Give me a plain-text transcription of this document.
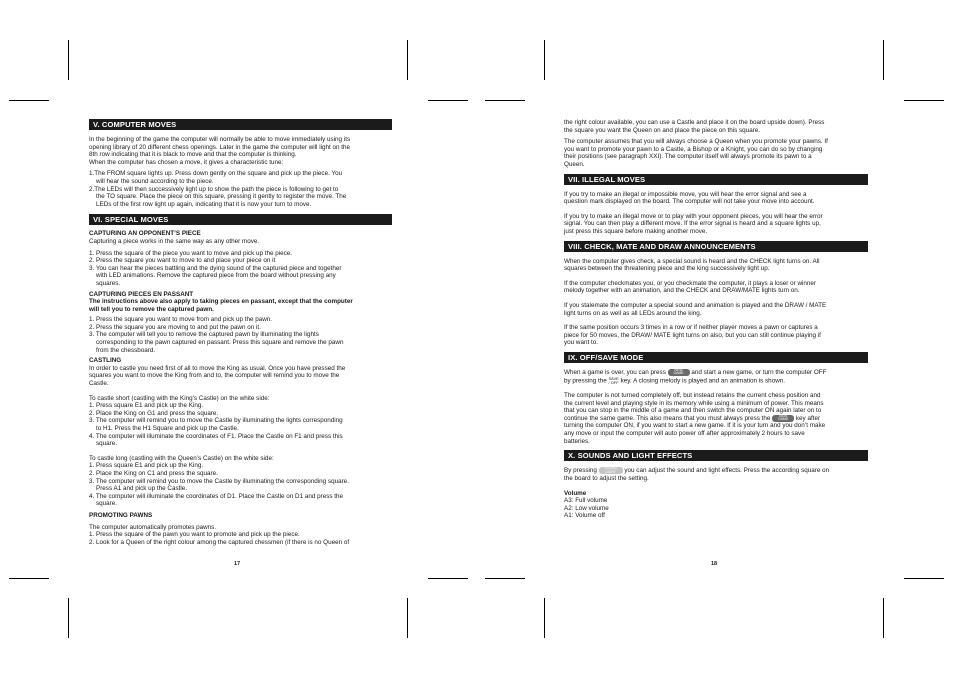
V. COMPUTER MOVES

In the beginning of the game the computer will normally be able to move immediately using its
opening library of 20 different chess openings. Later in the game the computer will light on the
8th row indicating that it is black to move and that the computer is thinking.
When the computer has chosen a move, it gives a characteristic tune:

1.The FROM square lights up. Press down gently on the square and pick up the piece. You
will hear the sound according to the piece.

2.The LEDs will then successively light up to show the path the piece is following to get to
the TO square. Place the piece on this square, pressing it gently to register the move. The
LEDs of the first row light up again, indicating that it is now your turn to move.

VI. SPECIAL MOVES

CAPTURING AN OPPONENT’S PIECE

Capturing a piece works in the same way as any other move.

1. Press the square of the piece you want to move and pick up the piece.

2. Press the square you want to move to and place your piece on it

3. You can hear the pieces battling and the dying sound of the captured piece and together
with LED animations. Remove the captured piece from the board without pressing any
squares.

CAPTURING PIECES EN PASSANT

The instructions above also apply to taking pieces en passant, except that the computer
will tell you to remove the captured pawn.

1. Press the square you want to move from and pick up the pawn.

2. Press the square you are moving to and put the pawn on it.

3. The computer will tell you to remove the captured pawn by illuminating the lights
corresponding to the pawn captured en passant. Press this square and remove the pawn
from the chessboard.

CASTLING

In order to castle you need first of all to move the King as usual. Once you have pressed the
squares you want to move the King from and to, the computer will remind you to move the
Castle.

To castle short (castling with the King’s Castle) on the white side:

1. Press square E1 and pick up the King.

2. Place the King on G1 and press the square.

3. The computer will remind you to move the Castle by illuminating the lights corresponding
to H1. Press the H1 Square and pick up the Castle.

4. The computer will illuminate the coordinates of F1. Place the Castle on F1 and press this
square.

To castle long (castling with the Queen’s Castle) on the white side:

1. Press square E1 and pick up the King.

2. Place the King on C1 and press the square.

3. The computer will remind you to move the Castle by illuminating the corresponding square.
Press A1 and pick up the Castle.

4. The computer will illuminate the coordinates of D1. Place the Castle on D1 and press the
square.

PROMOTING PAWNS

The computer automatically promotes pawns.

1. Press the square of the pawn you want to promote and pick up the piece.

2. Look for a Queen of the right colour among the captured chessmen (if there is no Queen of

17

the right colour available, you can use a Castle and place it on the board upside down). Press
the square you want the Queen on and place the piece on this square.

The computer assumes that you will always choose a Queen when you promote your pawns. If
you want to promote your pawn to a Castle, a Bishop or a Knight, you can do so by changing
their positions (see paragraph XXI). The computer itself will always promote its pawn to a
Queen.

VII. ILLEGAL MOVES

If you try to make an illegal or impossible move, you will hear the error signal and see a
question mark displayed on the board. The computer will not take your move into account.

If you try to make an illegal move or to play with your opponent pieces, you will hear the error
signal. You can then play a different move. If the error signal is heard and a square lights up,
just press this square before making another move.

VIII. CHECK, MATE AND DRAW ANNOUNCEMENTS

When the computer gives check, a special sound is heard and the CHECK light turns on. All
squares between the threatening piece and the king successively light up.

If the computer checkmates you, or you checkmate the computer, it plays a loser or winner
melody together with an animation, and the CHECK and DRAW/MATE lights turn on.

If you stalemate the computer a special sound and animation is played and the DRAW / MATE
light turns on as well as all LEDs around the king.

If the same position occurs 3 times in a row or if neither player moves a pawn or captures a
piece for 50 moves, the DRAW/ MATE light turns on also, but you can still continue playing if
you want to.

IX. OFF/SAVE MODE

When a game is over, you can press NEW
GAME and start a new game, or turn the computer OFF
by pressing the SAVE
/ OFF key. A closing melody is played and an animation is shown.

The computer is not turned completely off, but instead retains the current chess position and
the current level and playing style in its memory while using a minimum of power. This means
that you can stop in the middle of a game and then switch the computer ON again later on to
continue the same game. This also means that you must always press the NEW
GAME key after
turning the computer ON, if you want to start a new game. If it is your turn and you don’t make
any move or input the computer will auto power off after approximately 2 hours to save
batteries.

X. SOUNDS AND LIGHT EFFECTS

By pressing SOUND
LIGHT you can adjust the sound and light effects. Press the according square on
the board to adjust the setting.

Volume

A3: Full volume

A2: Low volume

A1: Volume off

18
